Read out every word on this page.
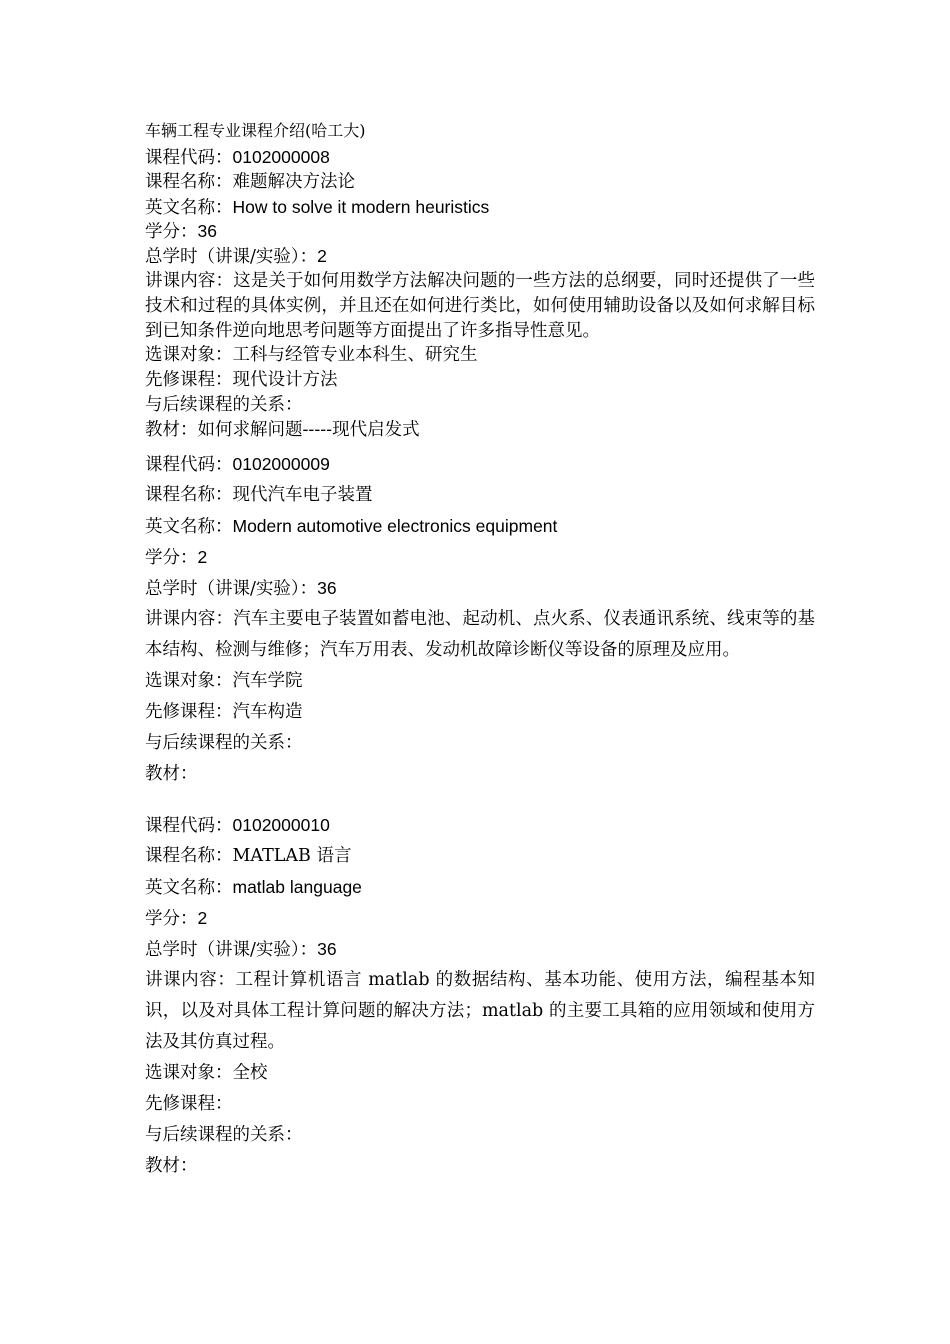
车辆工程专业课程介绍(哈工大)
课程代码：0102000008
课程名称：难题解决方法论
英文名称：How to solve it modern heuristics
学分：36
总学时（讲课/实验）：2
讲课内容：这是关于如何用数学方法解决问题的一些方法的总纲要，同时还提供了一些技术和过程的具体实例，并且还在如何进行类比，如何使用辅助设备以及如何求解目标到已知条件逆向地思考问题等方面提出了许多指导性意见。
选课对象：工科与经管专业本科生、研究生
先修课程：现代设计方法
与后续课程的关系：
教材：如何求解问题-----现代启发式
课程代码：0102000009
课程名称：现代汽车电子装置
英文名称：Modern automotive electronics equipment
学分：2
总学时（讲课/实验）：36
讲课内容：汽车主要电子装置如蓄电池、起动机、点火系、仪表通讯系统、线束等的基本结构、检测与维修；汽车万用表、发动机故障诊断仪等设备的原理及应用。
选课对象：汽车学院
先修课程：汽车构造
与后续课程的关系：
教材：
课程代码：0102000010
课程名称：MATLAB 语言
英文名称：matlab language
学分：2
总学时（讲课/实验）：36
讲课内容：工程计算机语言 matlab 的数据结构、基本功能、使用方法，编程基本知识，以及对具体工程计算问题的解决方法；matlab 的主要工具箱的应用领域和使用方法及其仿真过程。
选课对象：全校
先修课程：
与后续课程的关系：
教材：
